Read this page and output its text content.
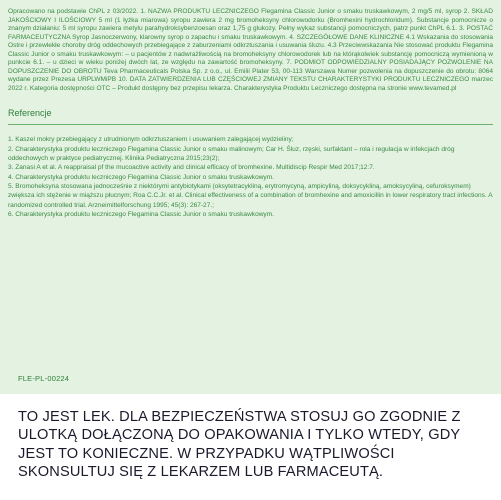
Opracowano na podstawie ChPL z 03/2022. 1. NAZWA PRODUKTU LECZNICZEGO Flegamina Classic Junior o smaku truskawkowym, 2 mg/5 ml, syrop 2. SKŁAD JAKOŚCIOWY I ILOŚCIOWY 5 ml (1 łyżka miarowa) syropu zawiera 2 mg bromoheksyny chlorowodorku (Bromhexini hydrochloridum). Substancje pomocnicze o znanym działaniu: 5 ml syropu zawiera metylu parahydroksybenzoesan oraz 1,75 g glukozy. Pełny wykaz substancji pomocniczych, patrz punkt ChPL 6.1. 3. POSTAĆ FARMACEUTYCZNA Syrop Jasnoczerwony, klarowny syrop o zapachu i smaku truskawkowym. 4. SZCZEGÓŁOWE DANE KLINICZNE 4.1 Wskazania do stosowania Ostre i przewlekłe choroby dróg oddechowych przebiegające z zaburzeniami odkrztuszania i usuwania śluzu. 4.3 Przeciwwskazania Nie stosować produktu Flegamina Classic Junior o smaku truskawkowym: – u pacjentów z nadwrażliwością na bromoheksyny chlorowodorek lub na którąkolwiek substancję pomocniczą wymienioną w punkcie 6.1. – u dzieci w wieku poniżej dwóch lat, ze względu na zawartość bromoheksyny. 7. PODMIOT ODPOWIEDZIALNY POSIADAJĄCY POZWOLENIE NA DOPUSZCZENIE DO OBROTU Teva Pharmaceuticals Polska Sp. z o.o., ul. Emilii Plater 53, 00-113 Warszawa Numer pozwolenia na dopuszczenie do obrotu: 8064 wydane przez Prezesa URPLWMiPB 10. DATA ZATWIERDZENIA LUB CZĘŚCIOWEJ ZMIANY TEKSTU CHARAKTERYSTYKI PRODUKTU LECZNICZEGO marzec 2022 r. Kategoria dostępności OTC – Produkt dostępny bez przepisu lekarza. Charakterystyka Produktu Leczniczego dostępna na stronie www.tevamed.pl

Referencje
1. Kaszel mokry przebiegający z utrudnionym odkrztuszaniem i usuwaniem zalegającej wydzieliny;
2. Charakterystyka produktu leczniczego Flegamina Classic Junior o smaku malinowym; Car H. Śluz, rzęski, surfaktant – rola i regulacja w infekcjach dróg oddechowych w praktyce pediatrycznej. Klinika Pediatryczna 2015;23(2);
3. Zanasi A et al. A reappraisal pf the mucoactive activity and clinical efficacy of bromhexine. Multidiscip Respir Med 2017;12:7.
4. Charakterystyka produktu leczniczego Flegamina Classic Junior o smaku truskawkowym.
5. Bromoheksyna stosowana jednocześnie z niektórymi antybiotykami (oksytetracykliną, erytromycyną, ampicyliną, doksycykliną, amoksycyliną, cefuroksymem) zwiększa ich stężenie w miąższu płucnym; Roa C.C.Jr. et al. Clinical effectiveness of a combination of bromhexine and amoxicillin in lower respiratory tract infections. A randomized controlled trial. Arzneimittelforschung 1995; 45(3): 267-27.;
6. Charakterystyka produktu leczniczego Flegamina Classic Junior o smaku truskawkowym.
FLE-PL-00224

TO JEST LEK. DLA BEZPIECZEŃSTWA STOSUJ GO ZGODNIE Z ULOTKĄ DOŁĄCZONĄ DO OPAKOWANIA I TYLKO WTEDY, GDY JEST TO KONIECZNE. W PRZYPADKU WĄTPLIWOŚCI SKONSULTUJ SIĘ Z LEKARZEM LUB FARMACEUTĄ.
